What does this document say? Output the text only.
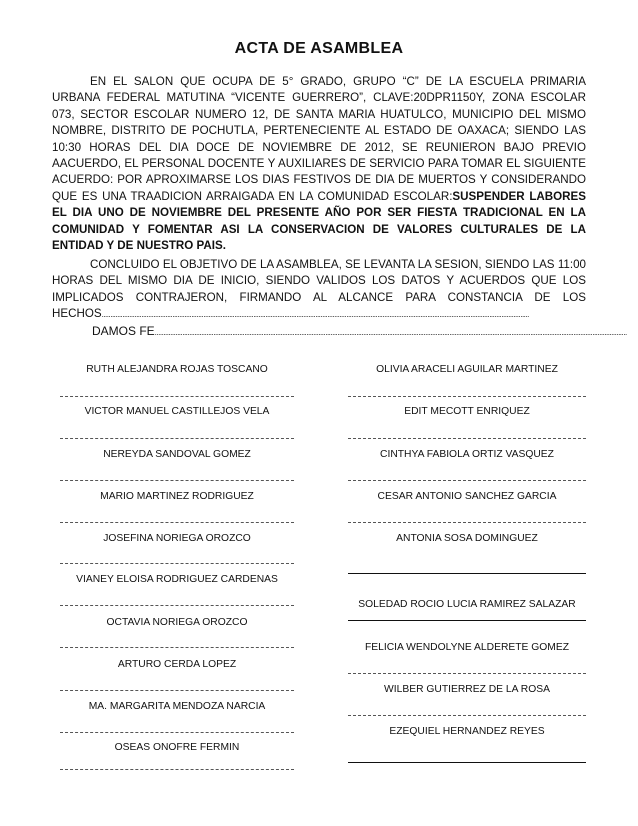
ACTA DE ASAMBLEA
EN EL SALON QUE OCUPA DE 5° GRADO, GRUPO “C” DE LA ESCUELA PRIMARIA URBANA FEDERAL MATUTINA “VICENTE GUERRERO”, CLAVE:20DPR1150Y, ZONA ESCOLAR 073, SECTOR ESCOLAR NUMERO 12, DE SANTA MARIA HUATULCO, MUNICIPIO DEL MISMO NOMBRE, DISTRITO DE POCHUTLA, PERTENECIENTE AL ESTADO DE OAXACA; SIENDO LAS 10:30 HORAS DEL DIA DOCE DE NOVIEMBRE DE 2012, SE REUNIERON BAJO PREVIO AACUERDO, EL PERSONAL DOCENTE Y AUXILIARES DE SERVICIO PARA TOMAR EL SIGUIENTE ACUERDO: POR APROXIMARSE LOS DIAS FESTIVOS DE DIA DE MUERTOS Y CONSIDERANDO QUE ES UNA TRAADICION ARRAIGADA EN LA COMUNIDAD ESCOLAR:SUSPENDER LABORES EL DIA UNO DE NOVIEMBRE DEL PRESENTE AÑO POR SER FIESTA TRADICIONAL EN LA COMUNIDAD Y FOMENTAR ASI LA CONSERVACION DE VALORES CULTURALES DE LA ENTIDAD Y DE NUESTRO PAIS.
CONCLUIDO EL OBJETIVO DE LA ASAMBLEA, SE LEVANTA LA SESION, SIENDO LAS 11:00 HORAS DEL MISMO DIA DE INICIO, SIENDO VALIDOS LOS DATOS Y ACUERDOS QUE LOS IMPLICADOS CONTRAJERON, FIRMANDO AL ALCANCE PARA CONSTANCIA DE LOS HECHOS........................................................................................................................................................................................................................................................
DAMOS FE..................................................................................................................................................................................................................................................................................
RUTH ALEJANDRA ROJAS TOSCANO
VICTOR MANUEL CASTILLEJOS VELA
NEREYDA SANDOVAL GOMEZ
MARIO MARTINEZ RODRIGUEZ
JOSEFINA NORIEGA OROZCO
VIANEY ELOISA RODRIGUEZ CARDENAS
OCTAVIA NORIEGA OROZCO
ARTURO CERDA LOPEZ
MA. MARGARITA MENDOZA NARCIA
OSEAS ONOFRE FERMIN
OLIVIA ARACELI AGUILAR MARTINEZ
EDIT MECOTT ENRIQUEZ
CINTHYA FABIOLA ORTIZ VASQUEZ
CESAR ANTONIO SANCHEZ GARCIA
ANTONIA SOSA DOMINGUEZ
SOLEDAD ROCIO LUCIA RAMIREZ SALAZAR
FELICIA WENDOLYNE ALDERETE GOMEZ
WILBER GUTIERREZ DE LA ROSA
EZEQUIEL HERNANDEZ REYES
